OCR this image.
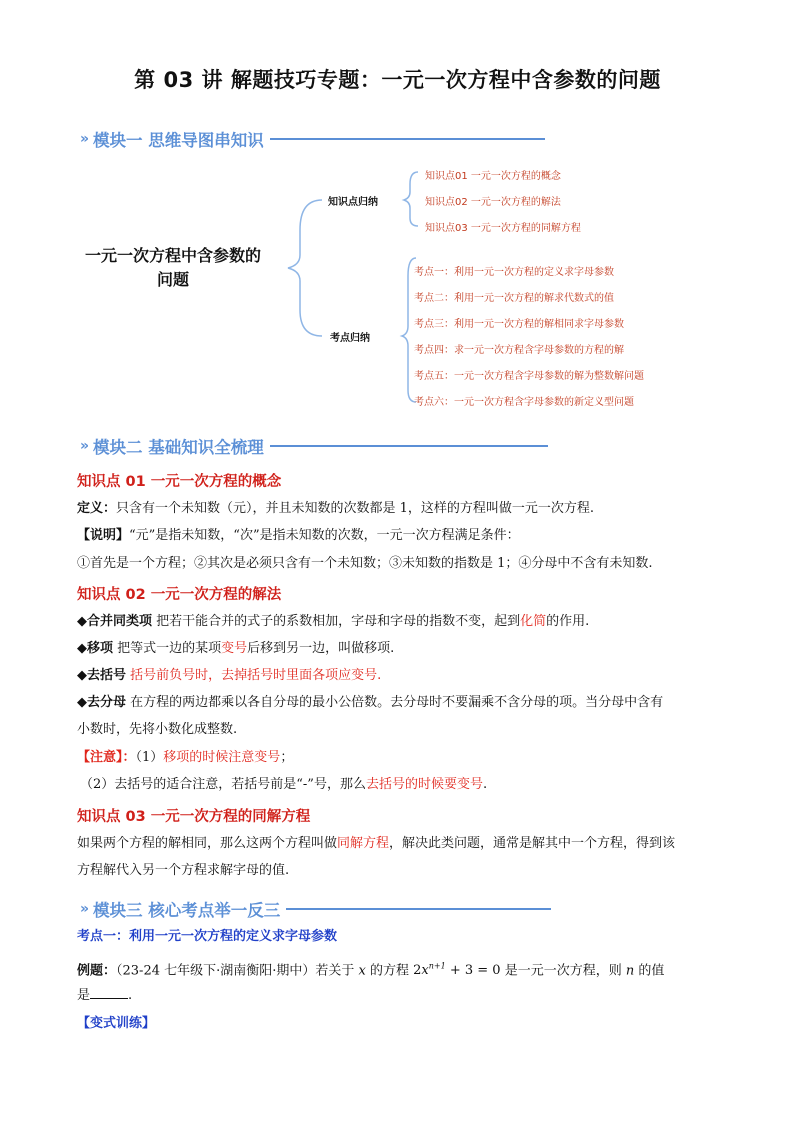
第 03 讲 解题技巧专题：一元一次方程中含参数的问题
» 模块一 思维导图串知识
一元一次方程中含参数的问题
知识点归纳
考点归纳
知识点01 一元一次方程的概念
知识点02 一元一次方程的解法
知识点03 一元一次方程的同解方程
考点一：利用一元一次方程的定义求字母参数
考点二：利用一元一次方程的解求代数式的值
考点三：利用一元一次方程的解相同求字母参数
考点四：求一元一次方程含字母参数的方程的解
考点五：一元一次方程含字母参数的解为整数解问题
考点六：一元一次方程含字母参数的新定义型问题
» 模块二 基础知识全梳理
知识点 01 一元一次方程的概念
定义：只含有一个未知数（元），并且未知数的次数都是 1，这样的方程叫做一元一次方程.
【说明】“元”是指未知数，“次”是指未知数的次数，一元一次方程满足条件：
①首先是一个方程；②其次是必须只含有一个未知数；③未知数的指数是 1；④分母中不含有未知数.
知识点 02 一元一次方程的解法
◆合并同类项 把若干能合并的式子的系数相加，字母和字母的指数不变，起到化简的作用.
◆移项 把等式一边的某项变号后移到另一边，叫做移项.
◆去括号 括号前负号时，去掉括号时里面各项应变号.
◆去分母 在方程的两边都乘以各自分母的最小公倍数。去分母时不要漏乘不含分母的项。当分母中含有
小数时，先将小数化成整数.
【注意】：（1）移项的时候注意变号；
（2）去括号的适合注意，若括号前是“-”号，那么去括号的时候要变号.
知识点 03 一元一次方程的同解方程
如果两个方程的解相同，那么这两个方程叫做同解方程，解决此类问题，通常是解其中一个方程，得到该
方程解代入另一个方程求解字母的值.
» 模块三 核心考点举一反三
考点一：利用一元一次方程的定义求字母参数
例题：（23-24 七年级下·湖南衡阳·期中）若关于 x 的方程 $2x^{n+1} + 3 = 0$ 是一元一次方程，则 n 的值
是	.
【变式训练】
